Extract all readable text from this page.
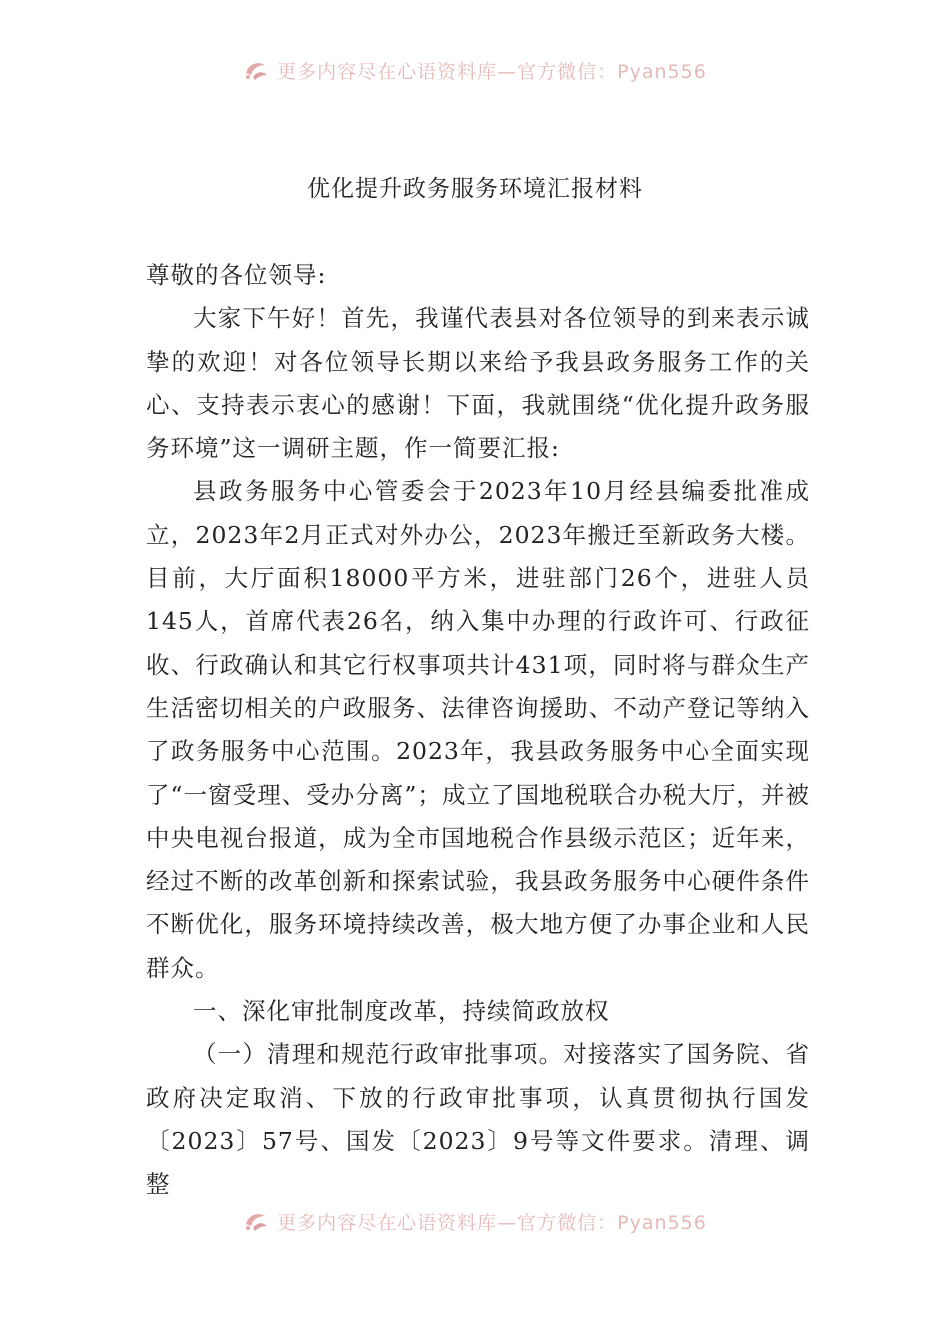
更多内容尽在心语资料库—官方微信：Pyan556
优化提升政务服务环境汇报材料

尊敬的各位领导:

大家下午好！首先，我谨代表县对各位领导的到来表示诚挚的欢迎！对各位领导长期以来给予我县政务服务工作的关心、支持表示衷心的感谢！下面，我就围绕“优化提升政务服务环境”这一调研主题，作一简要汇报:

县政务服务中心管委会于2023年10月经县编委批准成立，2023年2月正式对外办公，2023年搬迁至新政务大楼。目前，大厅面积18000平方米，进驻部门26个，进驻人员145人，首席代表26名，纳入集中办理的行政许可、行政征收、行政确认和其它行权事项共计431项，同时将与群众生产生活密切相关的户政服务、法律咨询援助、不动产登记等纳入了政务服务中心范围。2023年，我县政务服务中心全面实现了“一窗受理、受办分离”；成立了国地税联合办税大厅，并被中央电视台报道，成为全市国地税合作县级示范区；近年来，经过不断的改革创新和探索试验，我县政务服务中心硬件条件不断优化，服务环境持续改善，极大地方便了办事企业和人民群众。

一、深化审批制度改革，持续简政放权

（一）清理和规范行政审批事项。对接落实了国务院、省政府决定取消、下放的行政审批事项，认真贯彻执行国发〔2023〕57号、国发〔2023〕9号等文件要求。清理、调整

更多内容尽在心语资料库—官方微信：Pyan556
